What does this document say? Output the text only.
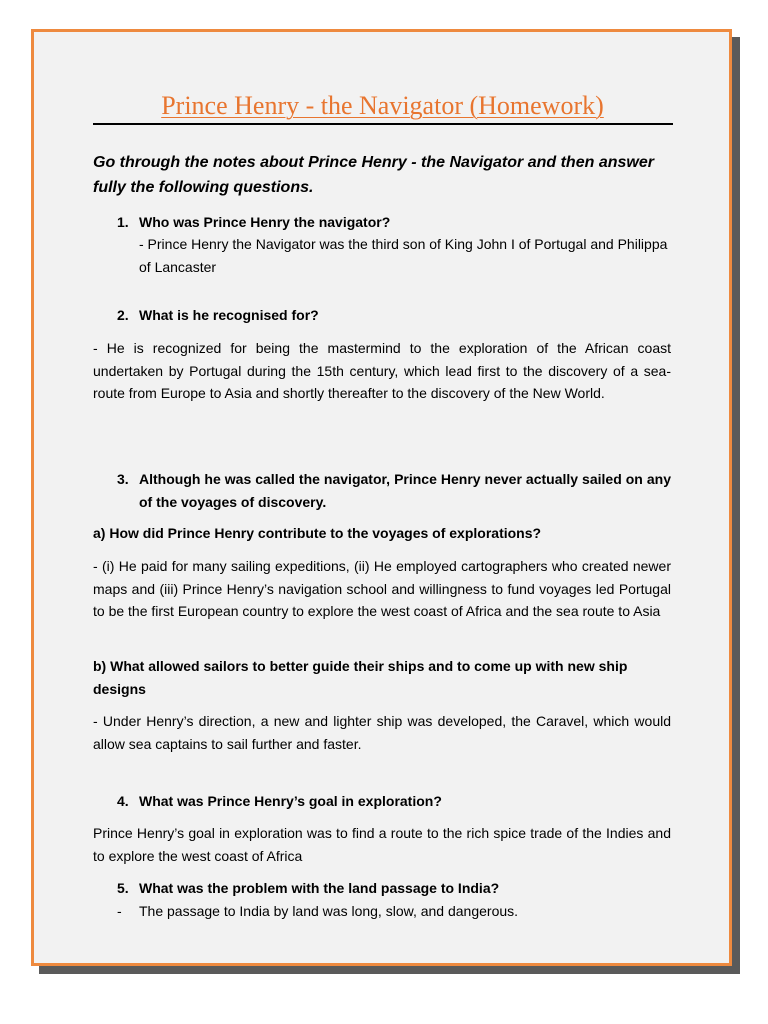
Prince Henry - the Navigator (Homework)
Go through the notes about Prince Henry - the Navigator and then answer fully the following questions.
1. Who was Prince Henry the navigator?
- Prince Henry the Navigator was the third son of King John I of Portugal and Philippa of Lancaster
2. What is he recognised for?
- He is recognized for being the mastermind to the exploration of the African coast undertaken by Portugal during the 15th century, which lead first to the discovery of a sea-route from Europe to Asia and shortly thereafter to the discovery of the New World.
3. Although he was called the navigator, Prince Henry never actually sailed on any of the voyages of discovery.
a) How did Prince Henry contribute to the voyages of explorations?
- (i) He paid for many sailing expeditions, (ii) He employed cartographers who created newer maps and (iii) Prince Henry’s navigation school and willingness to fund voyages led Portugal to be the first European country to explore the west coast of Africa and the sea route to Asia
b) What allowed sailors to better guide their ships and to come up with new ship designs
- Under Henry’s direction, a new and lighter ship was developed, the Caravel, which would allow sea captains to sail further and faster.
4. What was Prince Henry’s goal in exploration?
Prince Henry’s goal in exploration was to find a route to the rich spice trade of the Indies and to explore the west coast of Africa
5. What was the problem with the land passage to India?
- The passage to India by land was long, slow, and dangerous.
